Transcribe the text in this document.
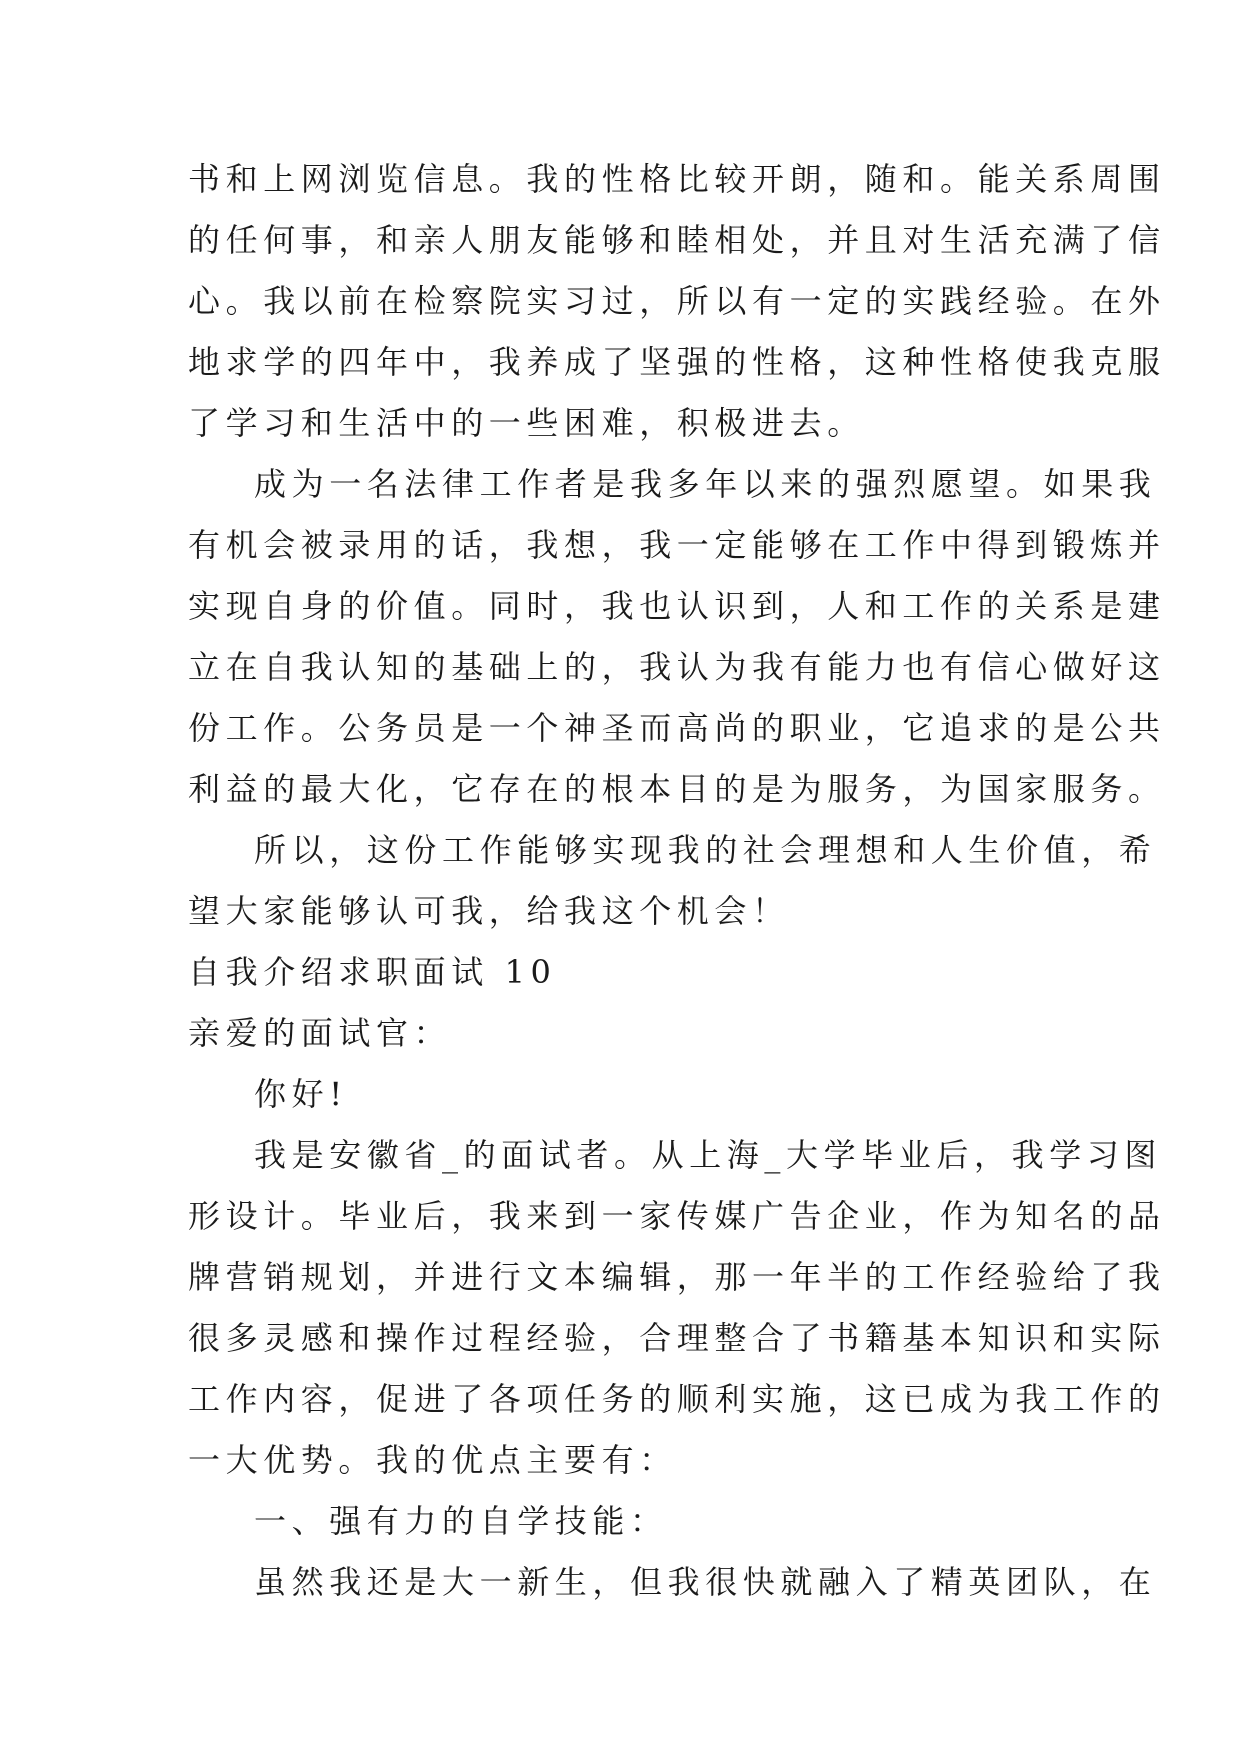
书和上网浏览信息。我的性格比较开朗，随和。能关系周围
的任何事，和亲人朋友能够和睦相处，并且对生活充满了信
心。我以前在检察院实习过，所以有一定的实践经验。在外
地求学的四年中，我养成了坚强的性格，这种性格使我克服
了学习和生活中的一些困难，积极进去。
成为一名法律工作者是我多年以来的强烈愿望。如果我
有机会被录用的话，我想，我一定能够在工作中得到锻炼并
实现自身的价值。同时，我也认识到，人和工作的关系是建
立在自我认知的基础上的，我认为我有能力也有信心做好这
份工作。公务员是一个神圣而高尚的职业，它追求的是公共
利益的最大化，它存在的根本目的是为服务，为国家服务。
所以，这份工作能够实现我的社会理想和人生价值，希
望大家能够认可我，给我这个机会！
自我介绍求职面试 10
亲爱的面试官：
你好!
我是安徽省_的面试者。从上海_大学毕业后，我学习图
形设计。毕业后，我来到一家传媒广告企业，作为知名的品
牌营销规划，并进行文本编辑，那一年半的工作经验给了我
很多灵感和操作过程经验，合理整合了书籍基本知识和实际
工作内容，促进了各项任务的顺利实施，这已成为我工作的
一大优势。我的优点主要有：
一、强有力的自学技能：
虽然我还是大一新生，但我很快就融入了精英团队，在
